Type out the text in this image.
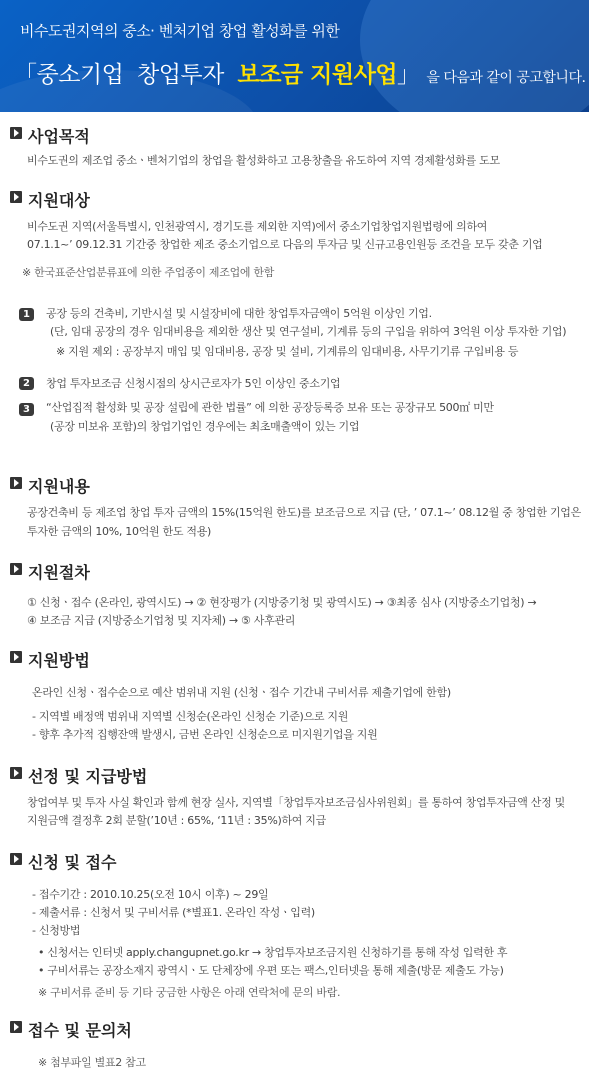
비수도권지역의 중소· 벤처기업 창업 활성화를 위한
「중소기업 창업투자 보조금 지원사업」 을 다음과 같이 공고합니다.
사업목적
비수도권의 제조업 중소ㆍ벤처기업의 창업을 활성화하고 고용창출을 유도하여 지역 경제활성화를 도모
지원대상
비수도권 지역(서울특별시, 인천광역시, 경기도를 제외한 지역)에서 중소기업창업지원법령에 의하여
07.1.1~’ 09.12.31 기간중 창업한 제조 중소기업으로 다음의 투자금 및 신규고용인원등 조건을 모두 갖춘 기업
※ 한국표준산업분류표에 의한 주업종이 제조업에 한함
1	공장 등의 건축비, 기반시설 및 시설장비에 대한 창업투자금액이 5억원 이상인 기업.
(단, 임대 공장의 경우 임대비용을 제외한 생산 및 연구설비, 기계류 등의 구입을 위하여 3억원 이상 투자한 기업)
※ 지원 제외 : 공장부지 매입 및 임대비용, 공장 및 설비, 기계류의 임대비용, 사무기기류 구입비용 등
2	창업 투자보조금 신청시점의 상시근로자가 5인 이상인 중소기업
3	“산업집적 활성화 및 공장 설립에 관한 법률” 에 의한 공장등록증 보유 또는 공장규모 500㎡ 미만
(공장 미보유 포함)의 창업기업인 경우에는 최초매출액이 있는 기업
지원내용
공장건축비 등 제조업 창업 투자 금액의 15%(15억원 한도)를 보조금으로 지급 (단, ’ 07.1~’ 08.12월 중 창업한 기업은
투자한 금액의 10%, 10억원 한도 적용)
지원절차
① 신청ㆍ접수 (온라인, 광역시도) → ② 현장평가 (지방중기청 및 광역시도) → ③최종 심사 (지방중소기업청) →
④ 보조금 지급 (지방중소기업청 및 지자체) → ⑤ 사후관리
지원방법
온라인 신청ㆍ접수순으로 예산 범위내 지원 (신청ㆍ접수 기간내 구비서류 제출기업에 한함)
- 지역별 배정액 범위내 지역별 신청순(온라인 신청순 기준)으로 지원
- 향후 추가적 집행잔액 발생시, 금번 온라인 신청순으로 미지원기업을 지원
선정 및 지급방법
창업여부 및 투자 사실 확인과 함께 현장 실사, 지역별「창업투자보조금심사위원회」를 통하여 창업투자금액 산정 및
지원금액 결정후 2회 분할(’10년 : 65%, ‘11년 : 35%)하여 지급
신청 및 접수
- 접수기간 : 2010.10.25(오전 10시 이후) ~ 29일
- 제출서류 : 신청서 및 구비서류 (*별표1. 온라인 작성ㆍ입력)
- 신청방법
• 신청서는 인터넷 apply.changupnet.go.kr → 창업투자보조금지원 신청하기를 통해 작성 입력한 후
• 구비서류는 공장소재지 광역시ㆍ도 단체장에 우편 또는 팩스,인터넷을 통해 제출(방문 제출도 가능)
※ 구비서류 준비 등 기타 궁금한 사항은 아래 연락처에 문의 바람.
접수 및 문의처
※ 첨부파일 별표2 참고
